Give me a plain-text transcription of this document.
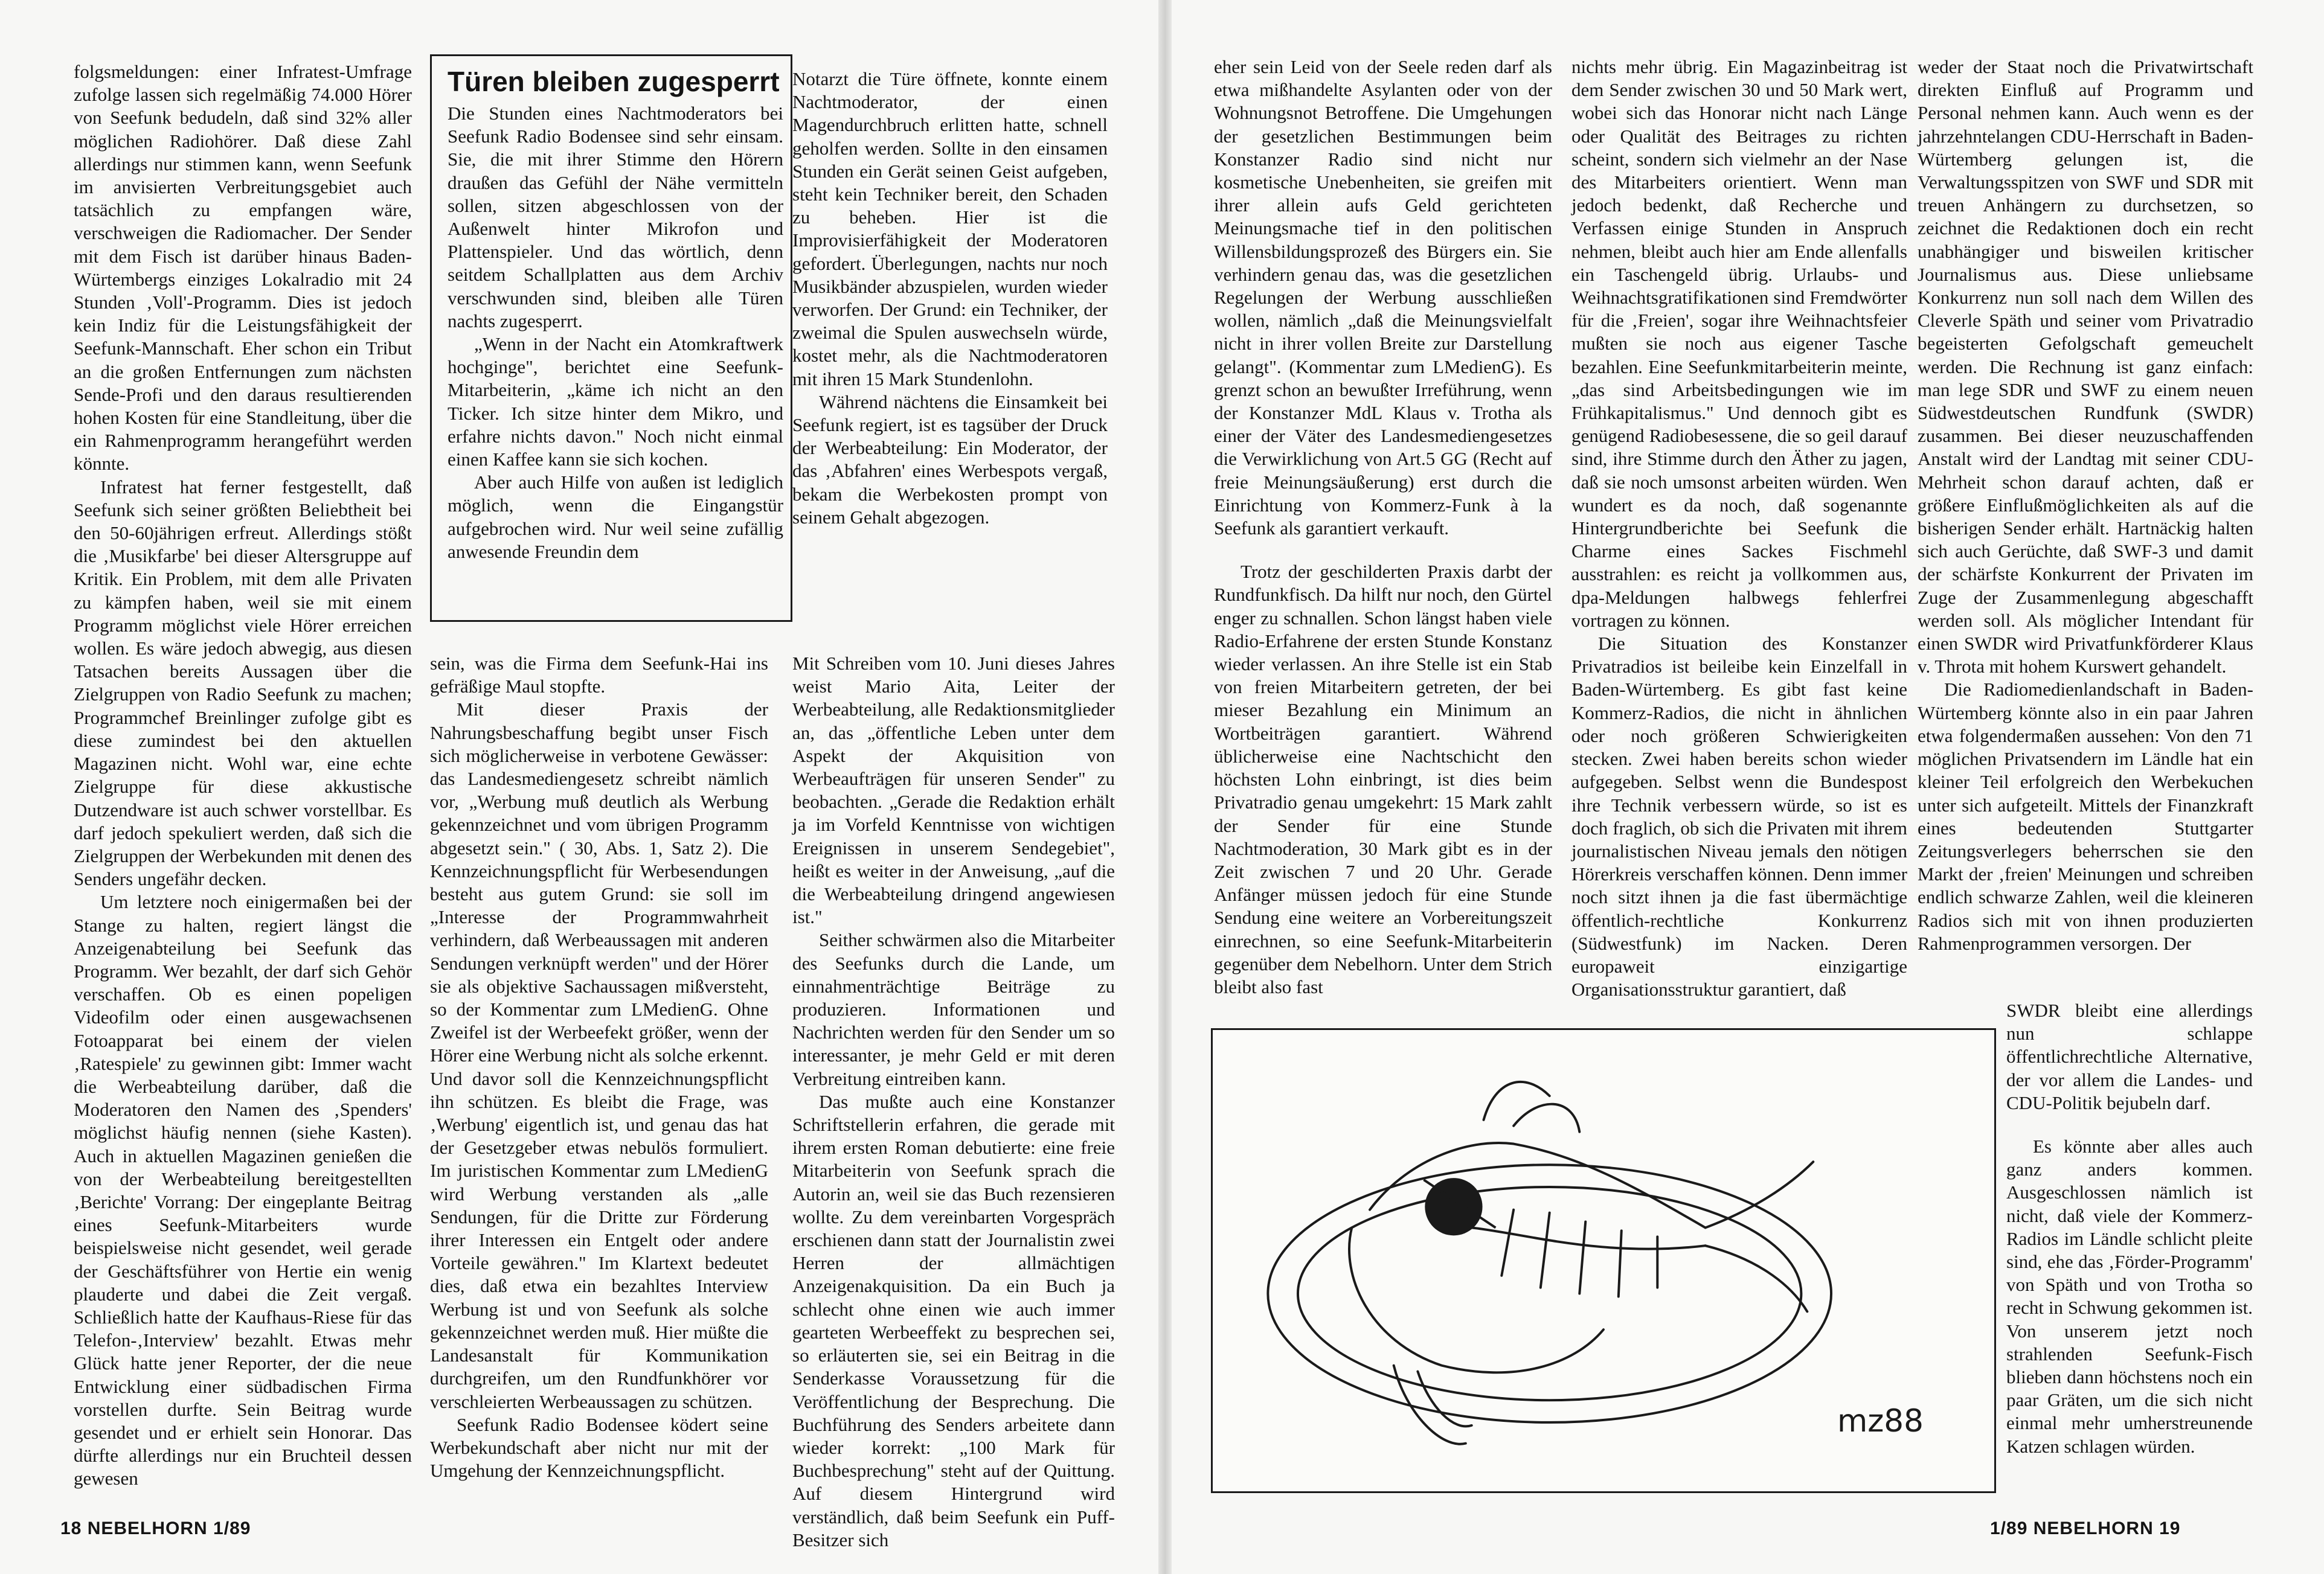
folgsmeldungen: einer Infratest-Umfrage zufolge lassen sich regelmäßig 74.000 Hörer von Seefunk bedudeln, daß sind 32% aller möglichen Radiohörer. Daß diese Zahl allerdings nur stimmen kann, wenn Seefunk im anvisierten Verbreitungsgebiet auch tatsächlich zu empfangen wäre, verschweigen die Radiomacher. Der Sender mit dem Fisch ist darüber hinaus Baden-Würtembergs einziges Lokalradio mit 24 Stunden ‚Voll'-Programm. Dies ist jedoch kein Indiz für die Leistungsfähigkeit der Seefunk-Mannschaft. Eher schon ein Tribut an die großen Entfernungen zum nächsten Sende-Profi und den daraus resultierenden hohen Kosten für eine Standleitung, über die ein Rahmenprogramm herangeführt werden könnte.

Infratest hat ferner festgestellt, daß Seefunk sich seiner größten Beliebtheit bei den 50-60jährigen erfreut. Allerdings stößt die ‚Musikfarbe' bei dieser Altersgruppe auf Kritik. Ein Problem, mit dem alle Privaten zu kämpfen haben, weil sie mit einem Programm möglichst viele Hörer erreichen wollen. Es wäre jedoch abwegig, aus diesen Tatsachen bereits Aussagen über die Zielgruppen von Radio Seefunk zu machen; Programmchef Breinlinger zufolge gibt es diese zumindest bei den aktuellen Magazinen nicht. Wohl war, eine echte Zielgruppe für diese akkustische Dutzendware ist auch schwer vorstellbar. Es darf jedoch spekuliert werden, daß sich die Zielgruppen der Werbekunden mit denen des Senders ungefähr decken.

Um letztere noch einigermaßen bei der Stange zu halten, regiert längst die Anzeigenabteilung bei Seefunk das Programm. Wer bezahlt, der darf sich Gehör verschaffen. Ob es einen popeligen Videofilm oder einen ausgewachsenen Fotoapparat bei einem der vielen ‚Ratespiele' zu gewinnen gibt: Immer wacht die Werbeabteilung darüber, daß die Moderatoren den Namen des ‚Spenders' möglichst häufig nennen (siehe Kasten). Auch in aktuellen Magazinen genießen die von der Werbeabteilung bereitgestellten ‚Berichte' Vorrang: Der eingeplante Beitrag eines Seefunk-Mitarbeiters wurde beispielsweise nicht gesendet, weil gerade der Geschäftsführer von Hertie ein wenig plauderte und dabei die Zeit vergaß. Schließlich hatte der Kaufhaus-Riese für das Telefon-‚Interview' bezahlt. Etwas mehr Glück hatte jener Reporter, der die neue Entwicklung einer südbadischen Firma vorstellen durfte. Sein Beitrag wurde gesendet und er erhielt sein Honorar. Das dürfte allerdings nur ein Bruchteil dessen gewesen

Türen bleiben zugesperrt

Die Stunden eines Nachtmoderators bei Seefunk Radio Bodensee sind sehr einsam. Sie, die mit ihrer Stimme den Hörern draußen das Gefühl der Nähe vermitteln sollen, sitzen abgeschlossen von der Außenwelt hinter Mikrofon und Plattenspieler. Und das wörtlich, denn seitdem Schallplatten aus dem Archiv verschwunden sind, bleiben alle Türen nachts zugesperrt.

„Wenn in der Nacht ein Atomkraftwerk hochginge", berichtet eine Seefunk-Mitarbeiterin, „käme ich nicht an den Ticker. Ich sitze hinter dem Mikro, und erfahre nichts davon." Noch nicht einmal einen Kaffee kann sie sich kochen.

Aber auch Hilfe von außen ist lediglich möglich, wenn die Eingangstür aufgebrochen wird. Nur weil seine zufällig anwesende Freundin dem

Notarzt die Türe öffnete, konnte einem Nachtmoderator, der einen Magendurchbruch erlitten hatte, schnell geholfen werden. Sollte in den einsamen Stunden ein Gerät seinen Geist aufgeben, steht kein Techniker bereit, den Schaden zu beheben. Hier ist die Improvisierfähigkeit der Moderatoren gefordert. Überlegungen, nachts nur noch Musikbänder abzuspielen, wurden wieder verworfen. Der Grund: ein Techniker, der zweimal die Spulen auswechseln würde, kostet mehr, als die Nachtmoderatoren mit ihren 15 Mark Stundenlohn.

Während nächtens die Einsamkeit bei Seefunk regiert, ist es tagsüber der Druck der Werbeabteilung: Ein Moderator, der das ‚Abfahren' eines Werbespots vergaß, bekam die Werbekosten prompt von seinem Gehalt abgezogen.

sein, was die Firma dem Seefunk-Hai ins gefräßige Maul stopfte.

Mit dieser Praxis der Nahrungsbeschaffung begibt unser Fisch sich möglicherweise in verbotene Gewässer: das Landesmediengesetz schreibt nämlich vor, „Werbung muß deutlich als Werbung gekennzeichnet und vom übrigen Programm abgesetzt sein." ( 30, Abs. 1, Satz 2). Die Kennzeichnungspflicht für Werbesendungen besteht aus gutem Grund: sie soll im „Interesse der Programmwahrheit verhindern, daß Werbeaussagen mit anderen Sendungen verknüpft werden" und der Hörer sie als objektive Sachaussagen mißversteht, so der Kommentar zum LMedienG. Ohne Zweifel ist der Werbeefekt größer, wenn der Hörer eine Werbung nicht als solche erkennt. Und davor soll die Kennzeichnungspflicht ihn schützen. Es bleibt die Frage, was ‚Werbung' eigentlich ist, und genau das hat der Gesetzgeber etwas nebulös formuliert. Im juristischen Kommentar zum LMedienG wird Werbung verstanden als „alle Sendungen, für die Dritte zur Förderung ihrer Interessen ein Entgelt oder andere Vorteile gewähren." Im Klartext bedeutet dies, daß etwa ein bezahltes Interview Werbung ist und von Seefunk als solche gekennzeichnet werden muß. Hier müßte die Landesanstalt für Kommunikation durchgreifen, um den Rundfunkhörer vor verschleierten Werbeaussagen zu schützen.

Seefunk Radio Bodensee ködert seine Werbekundschaft aber nicht nur mit der Umgehung der Kennzeichnungspflicht.

Mit Schreiben vom 10. Juni dieses Jahres weist Mario Aita, Leiter der Werbeabteilung, alle Redaktionsmitglieder an, das „öffentliche Leben unter dem Aspekt der Akquisition von Werbeaufträgen für unseren Sender" zu beobachten. „Gerade die Redaktion erhält ja im Vorfeld Kenntnisse von wichtigen Ereignissen in unserem Sendegebiet", heißt es weiter in der Anweisung, „auf die die Werbeabteilung dringend angewiesen ist."

Seither schwärmen also die Mitarbeiter des Seefunks durch die Lande, um einnahmenträchtige Beiträge zu produzieren. Informationen und Nachrichten werden für den Sender um so interessanter, je mehr Geld er mit deren Verbreitung eintreiben kann.

Das mußte auch eine Konstanzer Schriftstellerin erfahren, die gerade mit ihrem ersten Roman debutierte: eine freie Mitarbeiterin von Seefunk sprach die Autorin an, weil sie das Buch rezensieren wollte. Zu dem vereinbarten Vorgespräch erschienen dann statt der Journalistin zwei Herren der allmächtigen Anzeigenakquisition. Da ein Buch ja schlecht ohne einen wie auch immer gearteten Werbeeffekt zu besprechen sei, so erläuterten sie, sei ein Beitrag in die Senderkasse Voraussetzung für die Veröffentlichung der Besprechung. Die Buchführung des Senders arbeitete dann wieder korrekt: „100 Mark für Buchbesprechung" steht auf der Quittung. Auf diesem Hintergrund wird verständlich, daß beim Seefunk ein Puff-Besitzer sich

18 NEBELHORN 1/89

eher sein Leid von der Seele reden darf als etwa mißhandelte Asylanten oder von der Wohnungsnot Betroffene. Die Umgehungen der gesetzlichen Bestimmungen beim Konstanzer Radio sind nicht nur kosmetische Unebenheiten, sie greifen mit ihrer allein aufs Geld gerichteten Meinungsmache tief in den politischen Willensbildungsprozeß des Bürgers ein. Sie verhindern genau das, was die gesetzlichen Regelungen der Werbung ausschließen wollen, nämlich „daß die Meinungsvielfalt nicht in ihrer vollen Breite zur Darstellung gelangt". (Kommentar zum LMedienG). Es grenzt schon an bewußter Irreführung, wenn der Konstanzer MdL Klaus v. Trotha als einer der Väter des Landesmediengesetzes die Verwirklichung von Art.5 GG (Recht auf freie Meinungsäußerung) erst durch die Einrichtung von Kommerz-Funk à la Seefunk als garantiert verkauft.

Trotz der geschilderten Praxis darbt der Rundfunkfisch. Da hilft nur noch, den Gürtel enger zu schnallen. Schon längst haben viele Radio-Erfahrene der ersten Stunde Konstanz wieder verlassen. An ihre Stelle ist ein Stab von freien Mitarbeitern getreten, der bei mieser Bezahlung ein Minimum an Wortbeiträgen garantiert. Während üblicherweise eine Nachtschicht den höchsten Lohn einbringt, ist dies beim Privatradio genau umgekehrt: 15 Mark zahlt der Sender für eine Stunde Nachtmoderation, 30 Mark gibt es in der Zeit zwischen 7 und 20 Uhr. Gerade Anfänger müssen jedoch für eine Stunde Sendung eine weitere an Vorbereitungszeit einrechnen, so eine Seefunk-Mitarbeiterin gegenüber dem Nebelhorn. Unter dem Strich bleibt also fast

nichts mehr übrig. Ein Magazinbeitrag ist dem Sender zwischen 30 und 50 Mark wert, wobei sich das Honorar nicht nach Länge oder Qualität des Beitrages zu richten scheint, sondern sich vielmehr an der Nase des Mitarbeiters orientiert. Wenn man jedoch bedenkt, daß Recherche und Verfassen einige Stunden in Anspruch nehmen, bleibt auch hier am Ende allenfalls ein Taschengeld übrig. Urlaubs- und Weihnachtsgratifikationen sind Fremdwörter für die ‚Freien', sogar ihre Weihnachtsfeier mußten sie noch aus eigener Tasche bezahlen. Eine Seefunkmitarbeiterin meinte, „das sind Arbeitsbedingungen wie im Frühkapitalismus." Und dennoch gibt es genügend Radiobesessene, die so geil darauf sind, ihre Stimme durch den Äther zu jagen, daß sie noch umsonst arbeiten würden. Wen wundert es da noch, daß sogenannte Hintergrundberichte bei Seefunk die Charme eines Sackes Fischmehl ausstrahlen: es reicht ja vollkommen aus, dpa-Meldungen halbwegs fehlerfrei vortragen zu können.

Die Situation des Konstanzer Privatradios ist beileibe kein Einzelfall in Baden-Würtemberg. Es gibt fast keine Kommerz-Radios, die nicht in ähnlichen oder noch größeren Schwierigkeiten stecken. Zwei haben bereits schon wieder aufgegeben. Selbst wenn die Bundespost ihre Technik verbessern würde, so ist es doch fraglich, ob sich die Privaten mit ihrem journalistischen Niveau jemals den nötigen Hörerkreis verschaffen können. Denn immer noch sitzt ihnen ja die fast übermächtige öffentlich-rechtliche Konkurrenz (Südwestfunk) im Nacken. Deren europaweit einzigartige Organisationsstruktur garantiert, daß

weder der Staat noch die Privatwirtschaft direkten Einfluß auf Programm und Personal nehmen kann. Auch wenn es der jahrzehntelangen CDU-Herrschaft in Baden-Würtemberg gelungen ist, die Verwaltungsspitzen von SWF und SDR mit treuen Anhängern zu durchsetzen, so zeichnet die Redaktionen doch ein recht unabhängiger und bisweilen kritischer Journalismus aus. Diese unliebsame Konkurrenz nun soll nach dem Willen des Cleverle Späth und seiner vom Privatradio begeisterten Gefolgschaft gemeuchelt werden. Die Rechnung ist ganz einfach: man lege SDR und SWF zu einem neuen Südwestdeutschen Rundfunk (SWDR) zusammen. Bei dieser neuzuschaffenden Anstalt wird der Landtag mit seiner CDU-Mehrheit schon darauf achten, daß er größere Einflußmöglichkeiten als auf die bisherigen Sender erhält. Hartnäckig halten sich auch Gerüchte, daß SWF-3 und damit der schärfste Konkurrent der Privaten im Zuge der Zusammenlegung abgeschafft werden soll. Als möglicher Intendant für einen SWDR wird Privatfunkförderer Klaus v. Throta mit hohem Kurswert gehandelt.

Die Radiomedienlandschaft in Baden-Würtemberg könnte also in ein paar Jahren etwa folgendermaßen aussehen: Von den 71 möglichen Privatsendern im Ländle hat ein kleiner Teil erfolgreich den Werbekuchen unter sich aufgeteilt. Mittels der Finanzkraft eines bedeutenden Stuttgarter Zeitungsverlegers beherrschen sie den Markt der ‚freien' Meinungen und schreiben endlich schwarze Zahlen, weil die kleineren Radios sich mit von ihnen produzierten Rahmenprogrammen versorgen. Der

SWDR bleibt eine allerdings nun schlappe öffentlichrechtliche Alternative, der vor allem die Landes- und CDU-Politik bejubeln darf.

Es könnte aber alles auch ganz anders kommen. Ausgeschlossen nämlich ist nicht, daß viele der Kommerz-Radios im Ländle schlicht pleite sind, ehe das ‚Förder-Programm' von Späth und von Trotha so recht in Schwung gekommen ist. Von unserem jetzt noch strahlenden Seefunk-Fisch blieben dann höchstens noch ein paar Gräten, um die sich nicht einmal mehr umherstreunende Katzen schlagen würden.

1/89 NEBELHORN 19
mz88
